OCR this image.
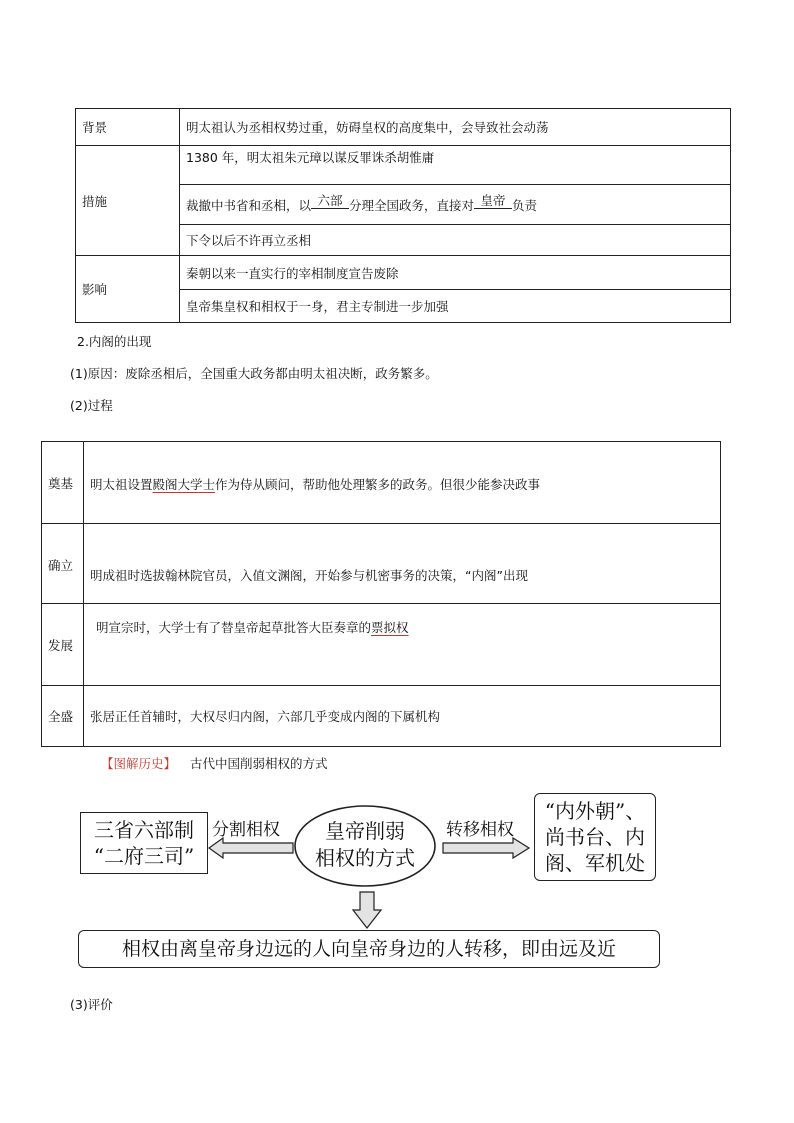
背景	明太祖认为丞相权势过重，妨碍皇权的高度集中，会导致社会动荡
措施	1380 年，明太祖朱元璋以谋反罪诛杀胡惟庸
	裁撤中书省和丞相，以 六部 分理全国政务，直接对 皇帝 负责
	下令以后不许再立丞相
影响	秦朝以来一直实行的宰相制度宣告废除
	皇帝集皇权和相权于一身，君主专制进一步加强
2.内阁的出现
(1)原因：废除丞相后，全国重大政务都由明太祖决断，政务繁多。
(2)过程
奠基	明太祖设置殿阁大学士作为侍从顾问，帮助他处理繁多的政务。但很少能参决政事
确立	明成祖时选拔翰林院官员，入值文渊阁，开始参与机密事务的决策，“内阁”出现
发展	明宣宗时，大学士有了替皇帝起草批答大臣奏章的票拟权
全盛	张居正任首辅时，大权尽归内阁，六部几乎变成内阁的下属机构
【图解历史】 古代中国削弱相权的方式
三省六部制
“二府三司”
分割相权	皇帝削弱
相权的方式
转移相权
“内外朝”、
尚书台、内
阁、军机处
相权由离皇帝身边远的人向皇帝身边的人转移，即由远及近
(3)评价
